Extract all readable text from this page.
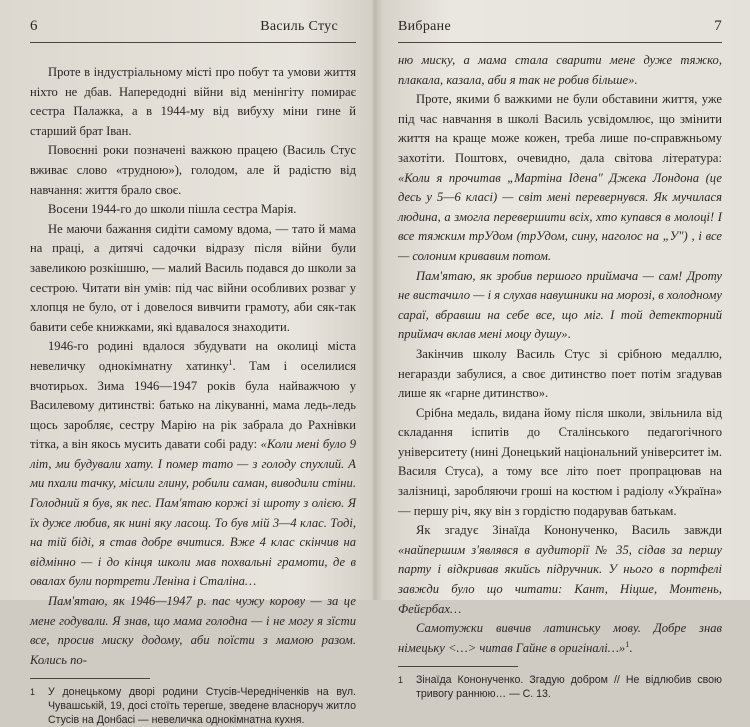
6	Василь Стус

Проте в індустріальному місті про побут та умови життя ніхто не дбав. Напередодні війни від менінгіту помирає сестра Палажка, а в 1944-му від вибуху міни гине й старший брат Іван.

Повоєнні роки позначені важкою працею (Василь Стус вживає слово «трудною»), голодом, але й радістю від навчання: життя брало своє.

Восени 1944-го до школи пішла сестра Марія.

Не маючи бажання сидіти самому вдома, — тато й мама на праці, а дитячі садочки відразу після війни були завеликою розкішшю, — малий Василь подався до школи за сестрою. Читати він умів: під час війни особливих розваг у хлопця не було, от і довелося вивчити грамоту, аби сяк-так бавити себе книжками, які вдавалося знаходити.

1946-го родині вдалося збудувати на околиці міста невеличку однокімнатну хатинку$^1$. Там і оселилися вчотирьох. Зима 1946—1947 років була найважчою у Василевому дитинстві: батько на лікуванні, мама ледь-ледь щось заробляє, сестру Марію на рік забрала до Рахнівки тітка, а він якось мусить давати собі раду: «Коли мені було 9 літ, ми будували хату. І помер тато — з голоду спухлий. А ми пхали тачку, місили глину, робили саман, виводили стіни. Голодний я був, як пес. Пам'ятаю коржі зі шроту з олією. Я їх дуже любив, як нині яку ласощ. То був мій 3—4 клас. Тоді, на тій біді, я став добре вчитися. Вже 4 клас скінчив на відмінно — і до кінця школи мав похвальні грамоти, де в овалах були портрети Леніна і Сталіна…

Пам'ятаю, як 1946—1947 р. пас чужу корову — за це мене годували. Я знав, що мама голодна — і не могу я зїсти все, просив миску додому, аби поїсти з мамою разом. Колись по-

1	У донецькому дворі родини Стусів-Чередніченків на вул. Чувашській, 19, досі стоїть теperше, зведене власноруч житло Стусів на Донбасі — невеличка однокімнатна кухня.
Вибране	7

ню миску, а мама стала сварити мене дуже тяжко, плакала, казала, аби я так не робив більше».

Проте, якими б важкими не були обставини життя, уже під час навчання в школі Василь усвідомлює, що змінити життя на краще може кожен, треба лише по-справжньому захотіти. Поштовх, очевидно, дала світова література: «Коли я прочитав „Мартіна Ідена" Джека Лондона (це десь у 5—6 класі) — світ мені перевернувся. Як мучилася людина, а змогла перевершити всіх, хто купався в молоці! І все тяжким трУдом (трУдом, сину, наголос на „У") , і все — солоним кривавим потом.

Пам'ятаю, як зробив першого приймача — сам! Дроту не вистачило — і я слухав навушники на морозі, в холодному сараї, вбравши на себе все, що міг. І той детекторний приймач вклав мені моцу душу».

Закінчив школу Василь Стус зі срібною медаллю, негаразди забулися, а своє дитинство поет потім згадував лише як «гарне дитинство».

Срібна медаль, видана йому після школи, звільнила від складання іспитів до Сталінського педагогічного університету (нині Донецький національний університет ім. Василя Стуса), а тому все літо поет пропрацював на залізниці, заробляючи гроші на костюм і радіолу «Україна» — першу річ, яку він з гордістю подарував батькам.

Як згадує Зінаїда Кононученко, Василь завжди «найпершим з'являвся в аудиторії № 35, сідав за першу парту і відкривав якийсь підручник. У нього в портфелі завжди було що читати: Кант, Ніцше, Монтень, Фейєрбах…

Самотужки вивчив латинську мову. Добре знав німецьку <…> читав Гайне в оригіналі…»$^1$.

1	Зінаїда Кононученко. Згадую добром // Не відлюбив свою тривогу раннюю… — С. 13.
